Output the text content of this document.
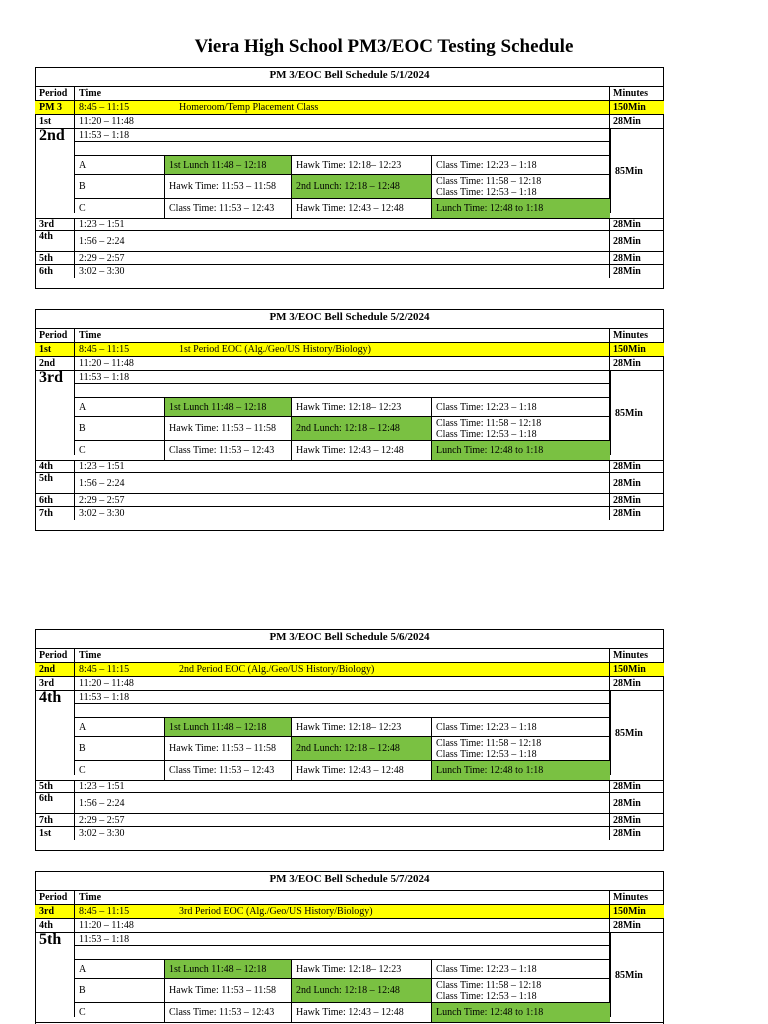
Viera High School PM3/EOC Testing Schedule
PM 3/EOC Bell Schedule 5/1/2024
Period	Time	Minutes
PM 3	8:45 – 11:15	Homeroom/Temp Placement Class	150Min
1st	11:20 – 11:48	28Min
2nd	11:53 – 1:18
A	1st Lunch 11:48 – 12:18	Hawk Time: 12:18– 12:23	Class Time: 12:23 – 1:18
B	Hawk Time: 11:53 – 11:58	2nd Lunch: 12:18 – 12:48	Class Time: 11:58 – 12:18
Class Time: 12:53 – 1:18
C	Class Time: 11:53 – 12:43	Hawk Time: 12:43 – 12:48	Lunch Time: 12:48 to 1:18
85Min
3rd	1:23 – 1:51	28Min
4th	1:56 – 2:24	28Min
5th	2:29 – 2:57	28Min
6th	3:02 – 3:30	28Min
PM 3/EOC Bell Schedule 5/2/2024
Period	Time	Minutes
1st	8:45 – 11:15	1st Period EOC (Alg./Geo/US History/Biology)	150Min
2nd	11:20 – 11:48	28Min
3rd	11:53 – 1:18
A	1st Lunch 11:48 – 12:18	Hawk Time: 12:18– 12:23	Class Time: 12:23 – 1:18
B	Hawk Time: 11:53 – 11:58	2nd Lunch: 12:18 – 12:48	Class Time: 11:58 – 12:18
Class Time: 12:53 – 1:18
C	Class Time: 11:53 – 12:43	Hawk Time: 12:43 – 12:48	Lunch Time: 12:48 to 1:18
85Min
4th	1:23 – 1:51	28Min
5th	1:56 – 2:24	28Min
6th	2:29 – 2:57	28Min
7th	3:02 – 3:30	28Min
PM 3/EOC Bell Schedule 5/6/2024
Period	Time	Minutes
2nd	8:45 – 11:15	2nd Period EOC (Alg./Geo/US History/Biology)	150Min
3rd	11:20 – 11:48	28Min
4th	11:53 – 1:18
A	1st Lunch 11:48 – 12:18	Hawk Time: 12:18– 12:23	Class Time: 12:23 – 1:18
B	Hawk Time: 11:53 – 11:58	2nd Lunch: 12:18 – 12:48	Class Time: 11:58 – 12:18
Class Time: 12:53 – 1:18
C	Class Time: 11:53 – 12:43	Hawk Time: 12:43 – 12:48	Lunch Time: 12:48 to 1:18
85Min
5th	1:23 – 1:51	28Min
6th	1:56 – 2:24	28Min
7th	2:29 – 2:57	28Min
1st	3:02 – 3:30	28Min
PM 3/EOC Bell Schedule 5/7/2024
Period	Time	Minutes
3rd	8:45 – 11:15	3rd Period EOC (Alg./Geo/US History/Biology)	150Min
4th	11:20 – 11:48	28Min
5th	11:53 – 1:18
A	1st Lunch 11:48 – 12:18	Hawk Time: 12:18– 12:23	Class Time: 12:23 – 1:18
B	Hawk Time: 11:53 – 11:58	2nd Lunch: 12:18 – 12:48	Class Time: 11:58 – 12:18
Class Time: 12:53 – 1:18
C	Class Time: 11:53 – 12:43	Hawk Time: 12:43 – 12:48	Lunch Time: 12:48 to 1:18
85Min
